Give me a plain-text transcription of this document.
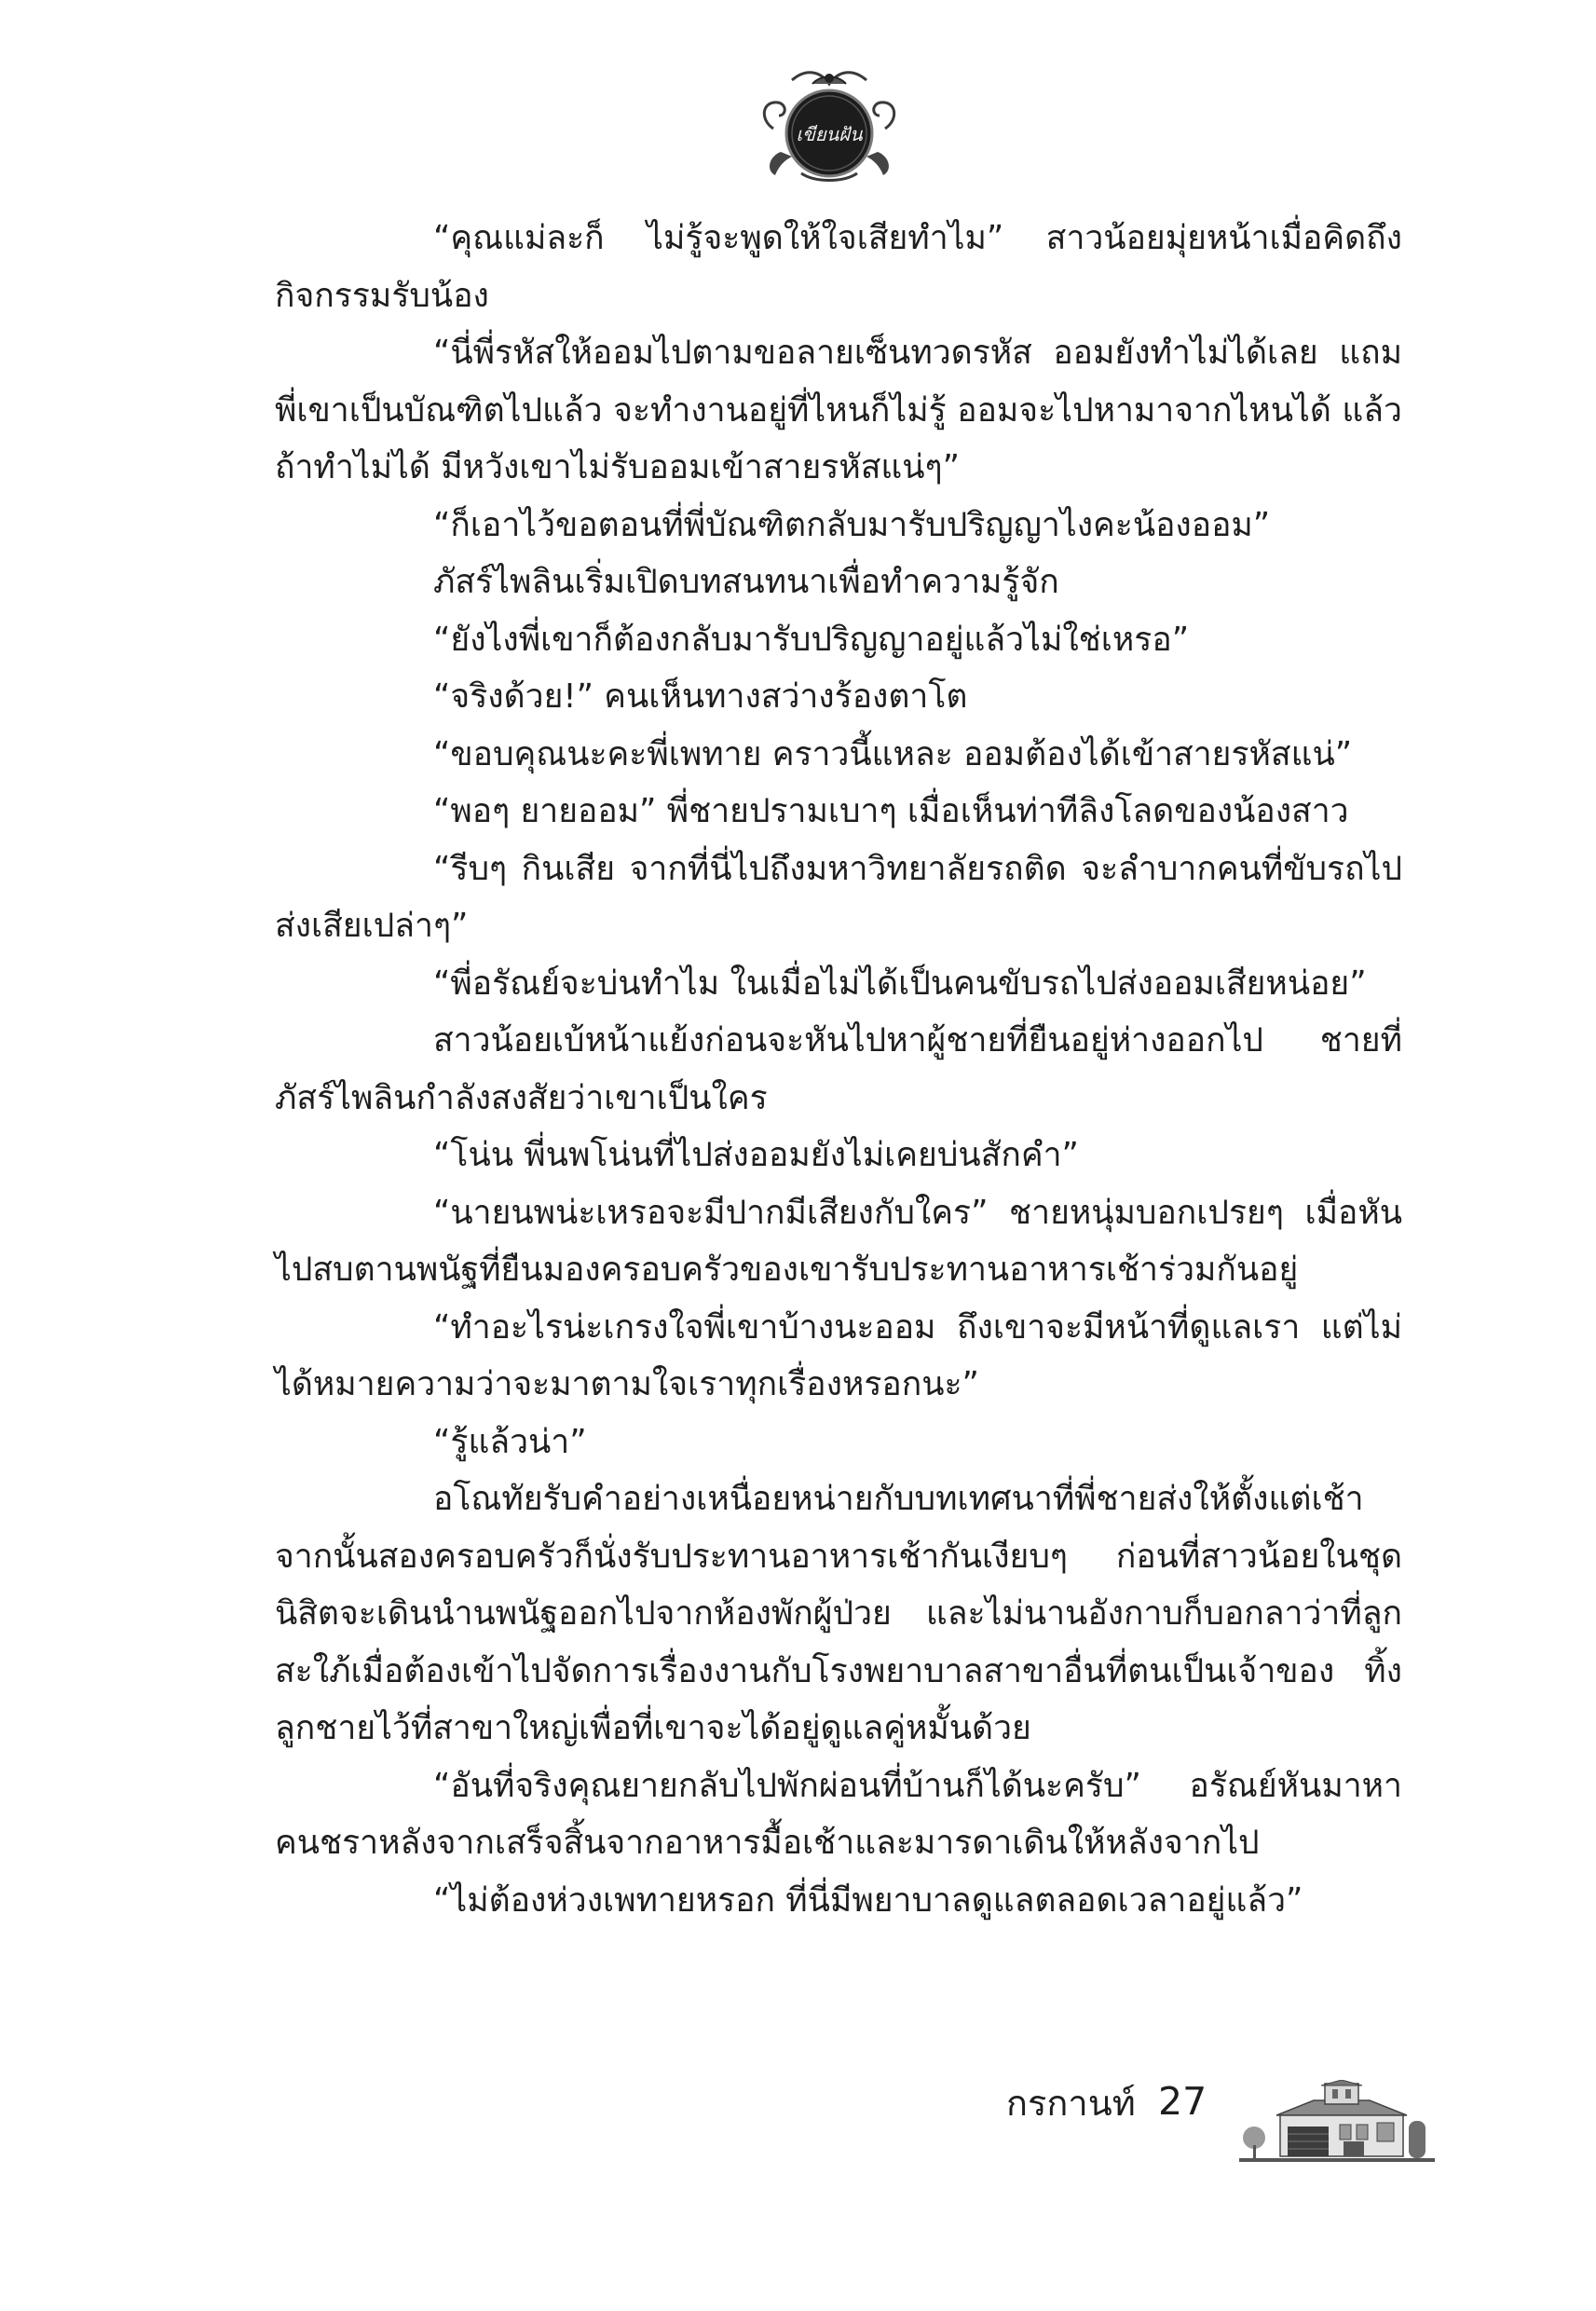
เขียนฝัน

“คุณแม่ละก็ ไม่รู้จะพูดให้ใจเสียทำไม” สาวน้อยมุ่ยหน้าเมื่อคิดถึงกิจกรรมรับน้อง

“นี่พี่รหัสให้ออมไปตามขอลายเซ็นทวดรหัส ออมยังทำไม่ได้เลย แถมพี่เขาเป็นบัณฑิตไปแล้ว จะทำงานอยู่ที่ไหนก็ไม่รู้ ออมจะไปหามาจากไหนได้ แล้วถ้าทำไม่ได้ มีหวังเขาไม่รับออมเข้าสายรหัสแน่ๆ”

“ก็เอาไว้ขอตอนที่พี่บัณฑิตกลับมารับปริญญาไงคะน้องออม”

ภัสร์ไพลินเริ่มเปิดบทสนทนาเพื่อทำความรู้จัก

“ยังไงพี่เขาก็ต้องกลับมารับปริญญาอยู่แล้วไม่ใช่เหรอ”

“จริงด้วย!” คนเห็นทางสว่างร้องตาโต

“ขอบคุณนะคะพี่เพทาย คราวนี้แหละ ออมต้องได้เข้าสายรหัสแน่”

“พอๆ ยายออม” พี่ชายปรามเบาๆ เมื่อเห็นท่าทีลิงโลดของน้องสาว

“รีบๆ กินเสีย จากที่นี่ไปถึงมหาวิทยาลัยรถติด จะลำบากคนที่ขับรถไปส่งเสียเปล่าๆ”

“พี่อรัณย์จะบ่นทำไม ในเมื่อไม่ได้เป็นคนขับรถไปส่งออมเสียหน่อย”

สาวน้อยเบ้หน้าแย้งก่อนจะหันไปหาผู้ชายที่ยืนอยู่ห่างออกไป ชายที่ภัสร์ไพลินกำลังสงสัยว่าเขาเป็นใคร

“โน่น พี่นพโน่นที่ไปส่งออมยังไม่เคยบ่นสักคำ”

“นายนพน่ะเหรอจะมีปากมีเสียงกับใคร” ชายหนุ่มบอกเปรยๆ เมื่อหันไปสบตานพนัฐที่ยืนมองครอบครัวของเขารับประทานอาหารเช้าร่วมกันอยู่

“ทำอะไรน่ะเกรงใจพี่เขาบ้างนะออม ถึงเขาจะมีหน้าที่ดูแลเรา แต่ไม่ได้หมายความว่าจะมาตามใจเราทุกเรื่องหรอกนะ”

“รู้แล้วน่า”

อโณทัยรับคำอย่างเหนื่อยหน่ายกับบทเทศนาที่พี่ชายส่งให้ตั้งแต่เช้า จากนั้นสองครอบครัวก็นั่งรับประทานอาหารเช้ากันเงียบๆ ก่อนที่สาวน้อยในชุดนิสิตจะเดินนำนพนัฐออกไปจากห้องพักผู้ป่วย และไม่นานอังกาบก็บอกลาว่าที่ลูกสะใภ้เมื่อต้องเข้าไปจัดการเรื่องงานกับโรงพยาบาลสาขาอื่นที่ตนเป็นเจ้าของ ทิ้งลูกชายไว้ที่สาขาใหญ่เพื่อที่เขาจะได้อยู่ดูแลคู่หมั้นด้วย

“อันที่จริงคุณยายกลับไปพักผ่อนที่บ้านก็ได้นะครับ” อรัณย์หันมาหาคนชราหลังจากเสร็จสิ้นจากอาหารมื้อเช้าและมารดาเดินให้หลังจากไป

“ไม่ต้องห่วงเพทายหรอก ที่นี่มีพยาบาลดูแลตลอดเวลาอยู่แล้ว”

กรกานท์ 27
